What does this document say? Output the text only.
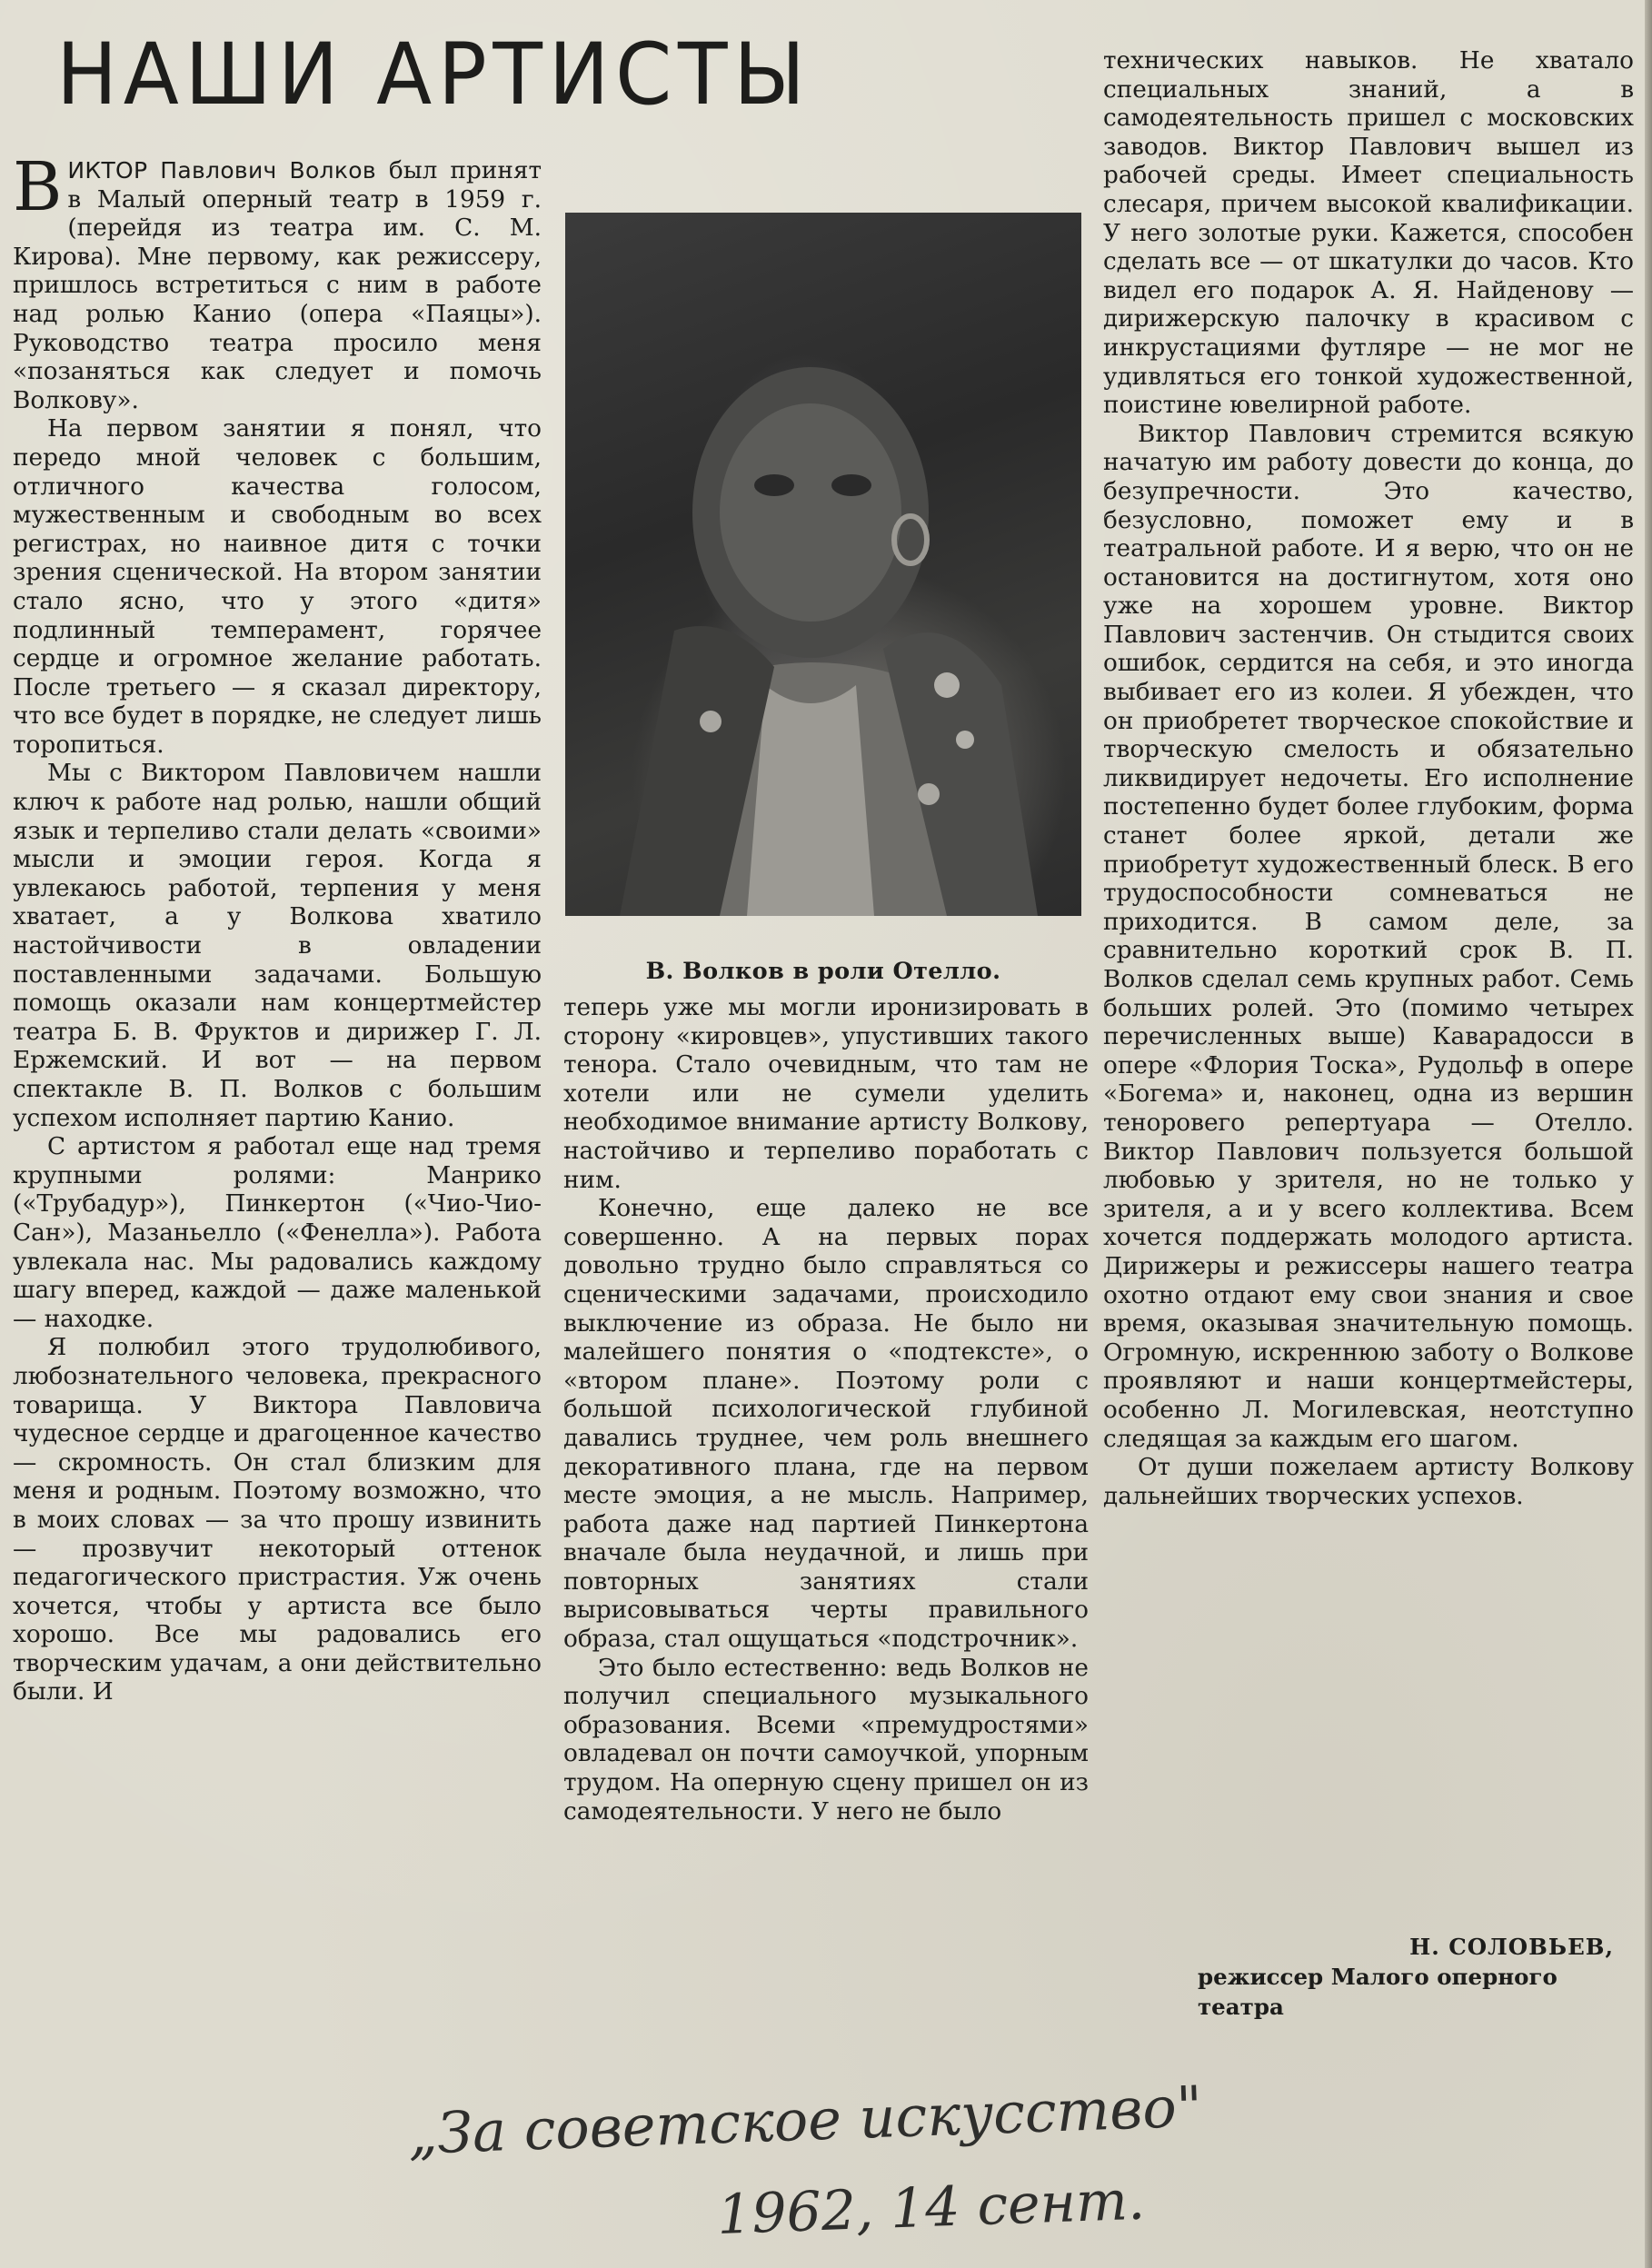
НАШИ АРТИСТЫ

ВИКТОР Павлович Волков был принят в Малый оперный театр в 1959 г. (перейдя из театра им. С. М. Кирова). Мне первому, как режиссеру, пришлось встретиться с ним в работе над ролью Канио (опера «Паяцы»). Руководство театра просило меня «позаняться как следует и помочь Волкову».

На первом занятии я понял, что передо мной человек с большим, отличного качества голосом, мужественным и свободным во всех регистрах, но наивное дитя с точки зрения сценической. На втором занятии стало ясно, что у этого «дитя» подлинный темперамент, горячее сердце и огромное желание работать. После третьего — я сказал директору, что все будет в порядке, не следует лишь торопиться.

Мы с Виктором Павловичем нашли ключ к работе над ролью, нашли общий язык и терпеливо стали делать «своими» мысли и эмоции героя. Когда я увлекаюсь работой, терпения у меня хватает, а у Волкова хватило настойчивости в овладении поставленными задачами. Большую помощь оказали нам концертмейстер театра Б. В. Фруктов и дирижер Г. Л. Ержемский. И вот — на первом спектакле В. П. Волков с большим успехом исполняет партию Канио.

С артистом я работал еще над тремя крупными ролями: Манрико («Трубадур»), Пинкертон («Чио-Чио-Сан»), Мазаньелло («Фенелла»). Работа увлекала нас. Мы радовались каждому шагу вперед, каждой — даже маленькой — находке.

Я полюбил этого трудолюбивого, любознательного человека, прекрасного товарища. У Виктора Павловича чудесное сердце и драгоценное качество — скромность. Он стал близким для меня и родным. Поэтому возможно, что в моих словах — за что прошу извинить — прозвучит некоторый оттенок педагогического пристрастия. Уж очень хочется, чтобы у артиста все было хорошо. Все мы радовались его творческим удачам, а они действительно были. И

В. Волков в роли Отелло.

теперь уже мы могли иронизировать в сторону «кировцев», упустивших такого тенора. Стало очевидным, что там не хотели или не сумели уделить необходимое внимание артисту Волкову, настойчиво и терпеливо поработать с ним.

Конечно, еще далеко не все совершенно. А на первых порах довольно трудно было справляться со сценическими задачами, происходило выключение из образа. Не было ни малейшего понятия о «подтексте», о «втором плане». Поэтому роли с большой психологической глубиной давались труднее, чем роль внешнего декоративного плана, где на первом месте эмоция, а не мысль. Например, работа даже над партией Пинкертона вначале была неудачной, и лишь при повторных занятиях стали вырисовываться черты правильного образа, стал ощущаться «подстрочник».

Это было естественно: ведь Волков не получил специального музыкального образования. Всеми «премудростями» овладевал он почти самоучкой, упорным трудом. На оперную сцену пришел он из самодеятельности. У него не было

технических навыков. Не хватало специальных знаний, а в самодеятельность пришел с московских заводов. Виктор Павлович вышел из рабочей среды. Имеет специальность слесаря, причем высокой квалификации. У него золотые руки. Кажется, способен сделать все — от шкатулки до часов. Кто видел его подарок А. Я. Найденову — дирижерскую палочку в красивом с инкрустациями футляре — не мог не удивляться его тонкой художественной, поистине ювелирной работе.

Виктор Павлович стремится всякую начатую им работу довести до конца, до безупречности. Это качество, безусловно, поможет ему и в театральной работе. И я верю, что он не остановится на достигнутом, хотя оно уже на хорошем уровне. Виктор Павлович застенчив. Он стыдится своих ошибок, сердится на себя, и это иногда выбивает его из колеи. Я убежден, что он приобретет творческое спокойствие и творческую смелость и обязательно ликвидирует недочеты. Его исполнение постепенно будет более глубоким, форма станет более яркой, детали же приобретут художественный блеск. В его трудоспособности сомневаться не приходится. В самом деле, за сравнительно короткий срок В. П. Волков сделал семь крупных работ. Семь больших ролей. Это (помимо четырех перечисленных выше) Каварадосси в опере «Флория Тоска», Рудольф в опере «Богема» и, наконец, одна из вершин теноровего репертуара — Отелло. Виктор Павлович пользуется большой любовью у зрителя, но не только у зрителя, а и у всего коллектива. Всем хочется поддержать молодого артиста. Дирижеры и режиссеры нашего театра охотно отдают ему свои знания и свое время, оказывая значительную помощь. Огромную, искреннюю заботу о Волкове проявляют и наши концертмейстеры, особенно Л. Могилевская, неотступно следящая за каждым его шагом.

От души пожелаем артисту Волкову дальнейших творческих успехов.

Н. СОЛОВЬЕВ,
режиссер Малого оперного театра
„За советское искусство"
1962, 14 сент.
